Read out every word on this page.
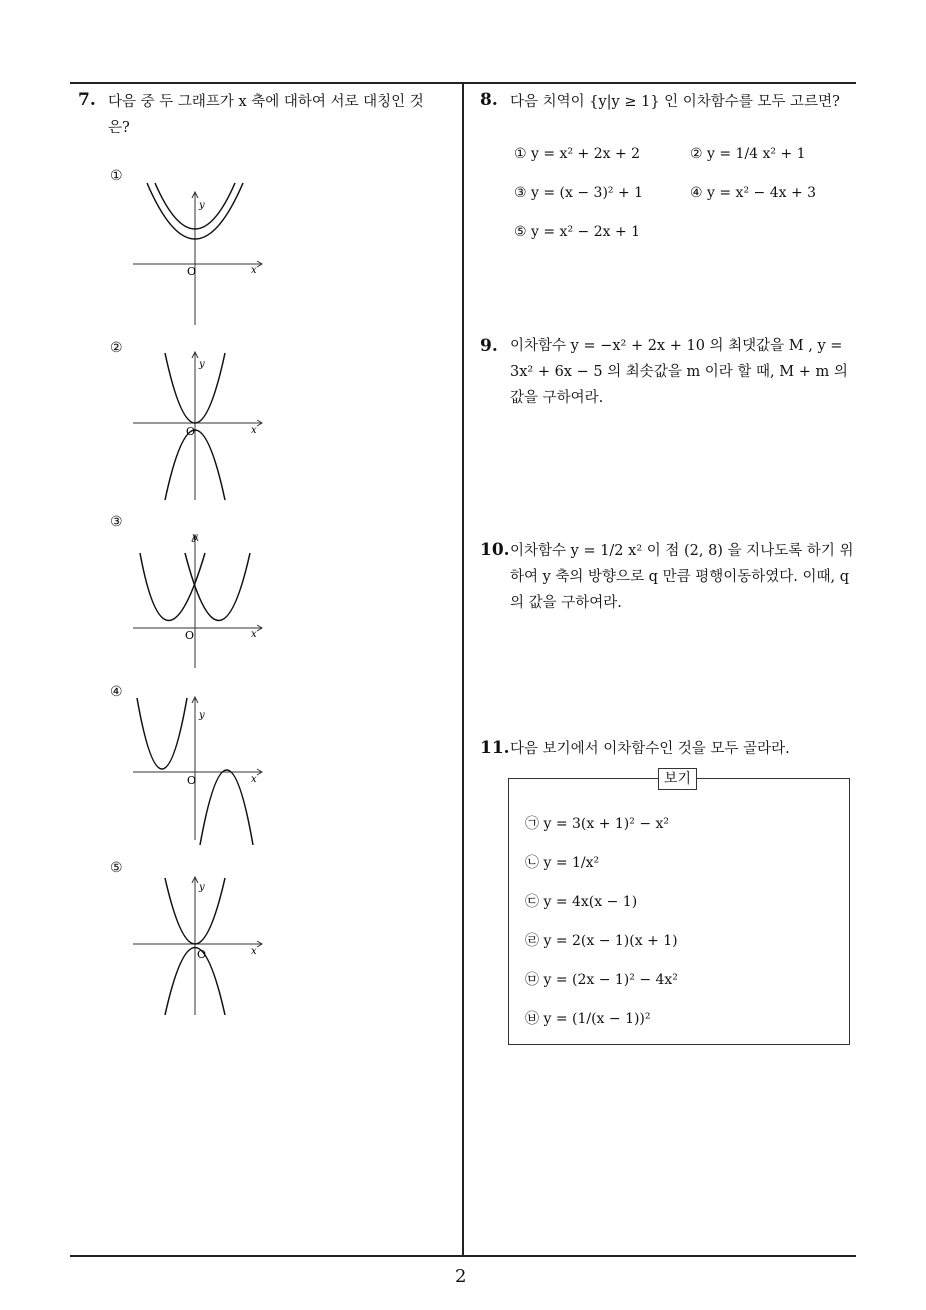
2
7. 다음 중 두 그래프가 x 축에 대하여 서로 대칭인 것
은?
①
O	x
y
②
O	x
y
③
O	x
y
④
O	x
y
⑤
O	x
y
8. 다음 치역이 {y|y ≥ 1} 인 이차함수를 모두 고르면?
① y = x² + 2x + 2	② y = 1/4 x² + 1
③ y = (x − 3)² + 1	④ y = x² − 4x + 3
⑤ y = x² − 2x + 1
9. 이차함수 y = −x² + 2x + 10 의 최댓값을 M , y =
3x² + 6x − 5 의 최솟값을 m 이라 할 때, M + m 의
값을 구하여라.
10. 이차함수 y = 1/2 x² 이 점 (2, 8) 을 지나도록 하기 위
하여 y 축의 방향으로 q 만큼 평행이동하였다. 이때, q
의 값을 구하여라.
11. 다음 보기에서 이차함수인 것을 모두 골라라.
보기
㉠ y = 3(x + 1)² − x²
㉡ y = 1/x²
㉢ y = 4x(x − 1)
㉣ y = 2(x − 1)(x + 1)
㉤ y = (2x − 1)² − 4x²
㉥ y = (1/(x − 1))²
